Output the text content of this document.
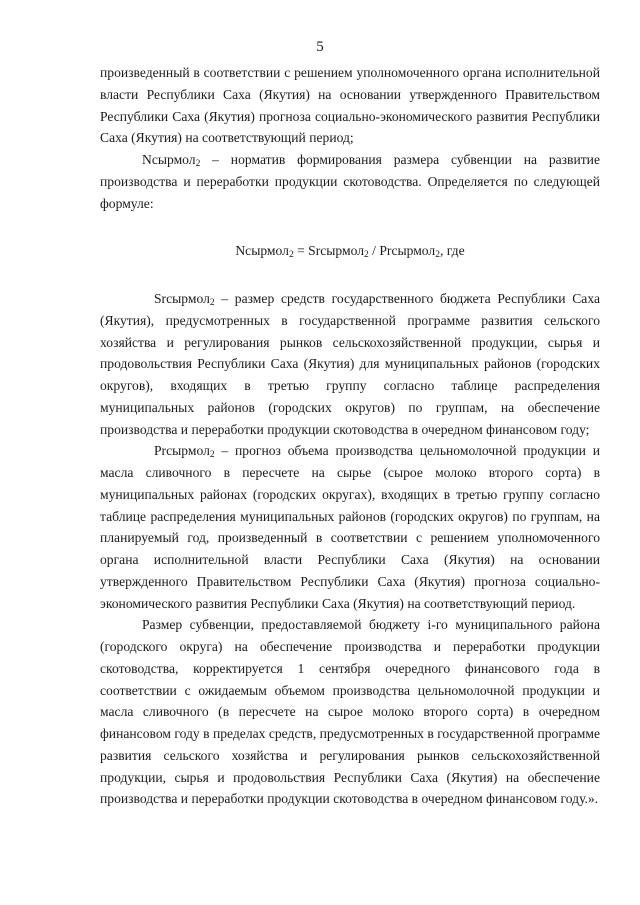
5

произведенный в соответствии с решением уполномоченного органа исполнительной власти Республики Саха (Якутия) на основании утвержденного Правительством Республики Саха (Якутия) прогноза социально-экономического развития Республики Саха (Якутия) на соответствующий период;

Nсырмол$_2$ – норматив формирования размера субвенции на развитие производства и переработки продукции скотоводства. Определяется по следующей формуле:

Nсырмол$_2$ = Srсырмол$_2$ / Prсырмол$_2$, где

Srсырмол$_2$ – размер средств государственного бюджета Республики Саха (Якутия), предусмотренных в государственной программе развития сельского хозяйства и регулирования рынков сельскохозяйственной продукции, сырья и продовольствия Республики Саха (Якутия) для муниципальных районов (городских округов), входящих в третью группу согласно таблице распределения муниципальных районов (городских округов) по группам, на обеспечение производства и переработки продукции скотоводства в очередном финансовом году;

Prсырмол$_2$ – прогноз объема производства цельномолочной продукции и масла сливочного в пересчете на сырье (сырое молоко второго сорта) в муниципальных районах (городских округах), входящих в третью группу согласно таблице распределения муниципальных районов (городских округов) по группам, на планируемый год, произведенный в соответствии с решением уполномоченного органа исполнительной власти Республики Саха (Якутия) на основании утвержденного Правительством Республики Саха (Якутия) прогноза социально-экономического развития Республики Саха (Якутия) на соответствующий период.

Размер субвенции, предоставляемой бюджету i-го муниципального района (городского округа) на обеспечение производства и переработки продукции скотоводства, корректируется 1 сентября очередного финансового года в соответствии с ожидаемым объемом производства цельномолочной продукции и масла сливочного (в пересчете на сырое молоко второго сорта) в очередном финансовом году в пределах средств, предусмотренных в государственной программе развития сельского хозяйства и регулирования рынков сельскохозяйственной продукции, сырья и продовольствия Республики Саха (Якутия) на обеспечение производства и переработки продукции скотоводства в очередном финансовом году.».
